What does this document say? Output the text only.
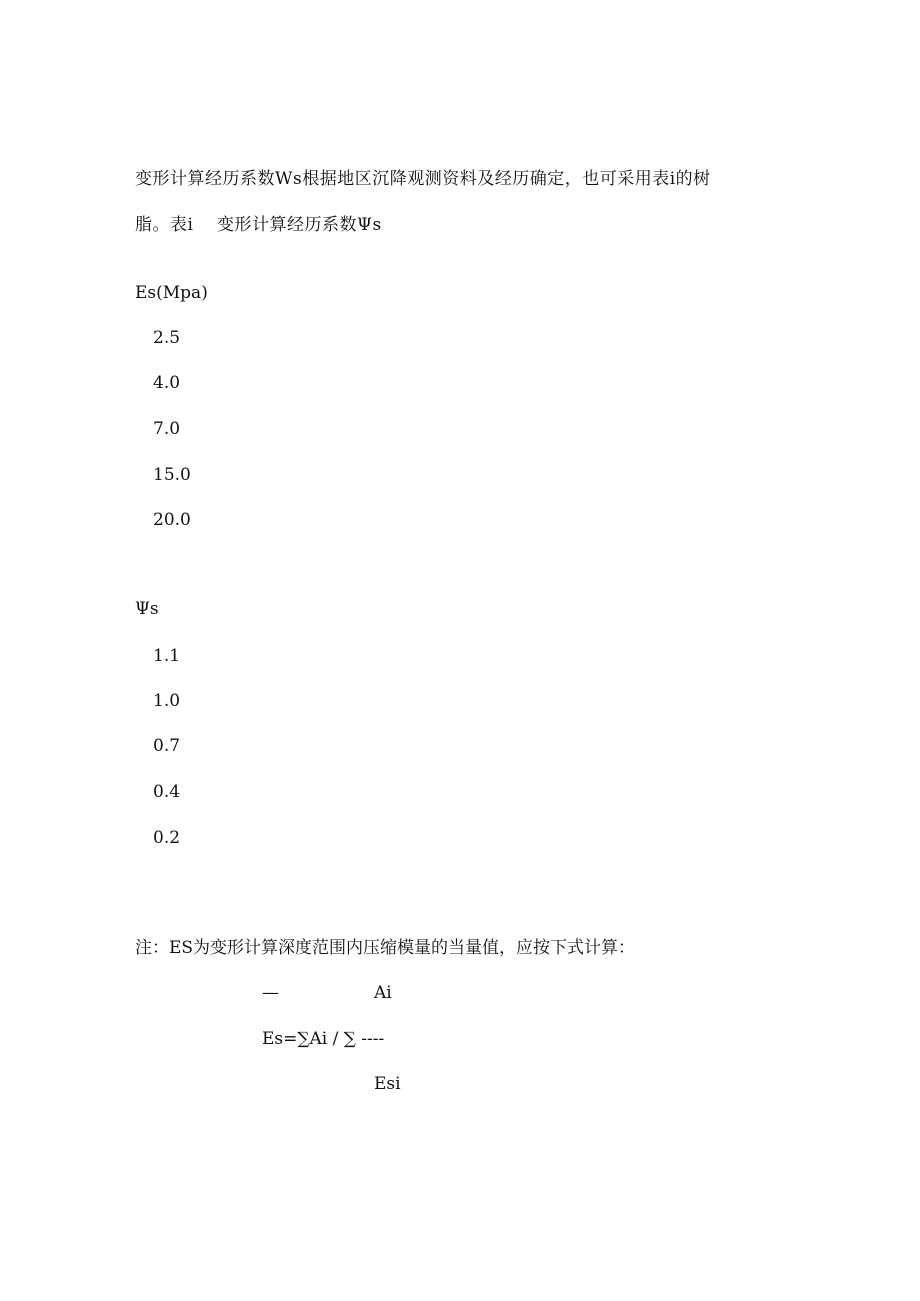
变形计算经历系数Ws根据地区沉降观测资料及经历确定，也可采用表ⅰ的树
脂。表ⅰ    变形计算经历系数Ψs
Es(Mpa)
2.5
4.0
7.0
15.0
20.0
Ψs
1.1
1.0
0.7
0.4
0.2
注：ES为变形计算深度范围内压缩模量的当量值，应按下式计算：
—	Ai
Es=∑Ai / ∑ ----
Esi
